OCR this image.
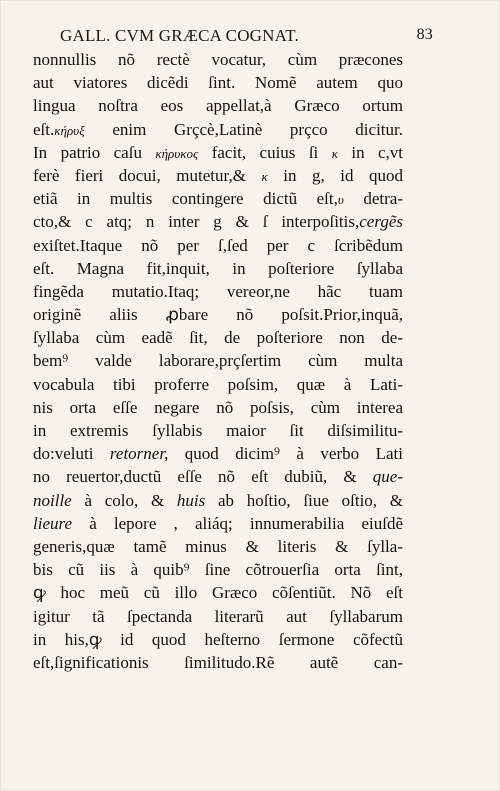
GALL. CVM GRÆCA COGNAT.	83
nonnullis nõ rectè vocatur, cùm præcones
aut viatores dicẽdi ſint. Nomẽ autem quo
lingua noſtra eos appellat,à Græco ortum
eſt.κήρυξ enim Grçcè,Latinè prçco dicitur.
In patrio caſu κήρυκος facit, cuius ſi κ in c,vt
ferè fieri docui, mutetur,& κ in g, id quod
etiã in multis contingere dictũ eſt,υ detra-
cto,& c atq; n inter g & ſ interpoſitis,cergẽs
exiſtet.Itaque nõ per ſ,ſed per c ſcribẽdum
eſt. Magna fit,inquit, in poſteriore ſyllaba
fingẽda mutatio.Itaq; vereor,ne hãc tuam
originẽ aliis ꝓbare nõ poſsit.Prior,inquã,
ſyllaba cùm eadẽ ſit, de poſteriore non de-
bem⁹ valde laborare,prçſertim cùm multa
vocabula tibi proferre poſsim, quæ à Lati-
nis orta eſſe negare nõ poſsis, cùm interea
in extremis ſyllabis maior ſit diſsimilitu-
do:veluti retorner, quod dicim⁹ à verbo Lati
no reuertor,ductũ eſſe nõ eſt dubiũ, & que-
noille à colo, & huis ab hoſtio, ſiue oſtio, &
lieure à lepore , aliáq; innumerabilia eiuſdẽ
generis,quæ tamẽ minus & literis & ſylla-
bis cũ iis à quib⁹ ſine cõtrouerſia orta ſint,
ꝙ hoc meũ cũ illo Græco cõſentiũt. Nõ eſt
igitur tã ſpectanda literarũ aut ſyllabarum
in his,ꝙ id quod heſterno ſermone cõfectũ
eſt,ſignificationis ſimilitudo.Rẽ autẽ can-
